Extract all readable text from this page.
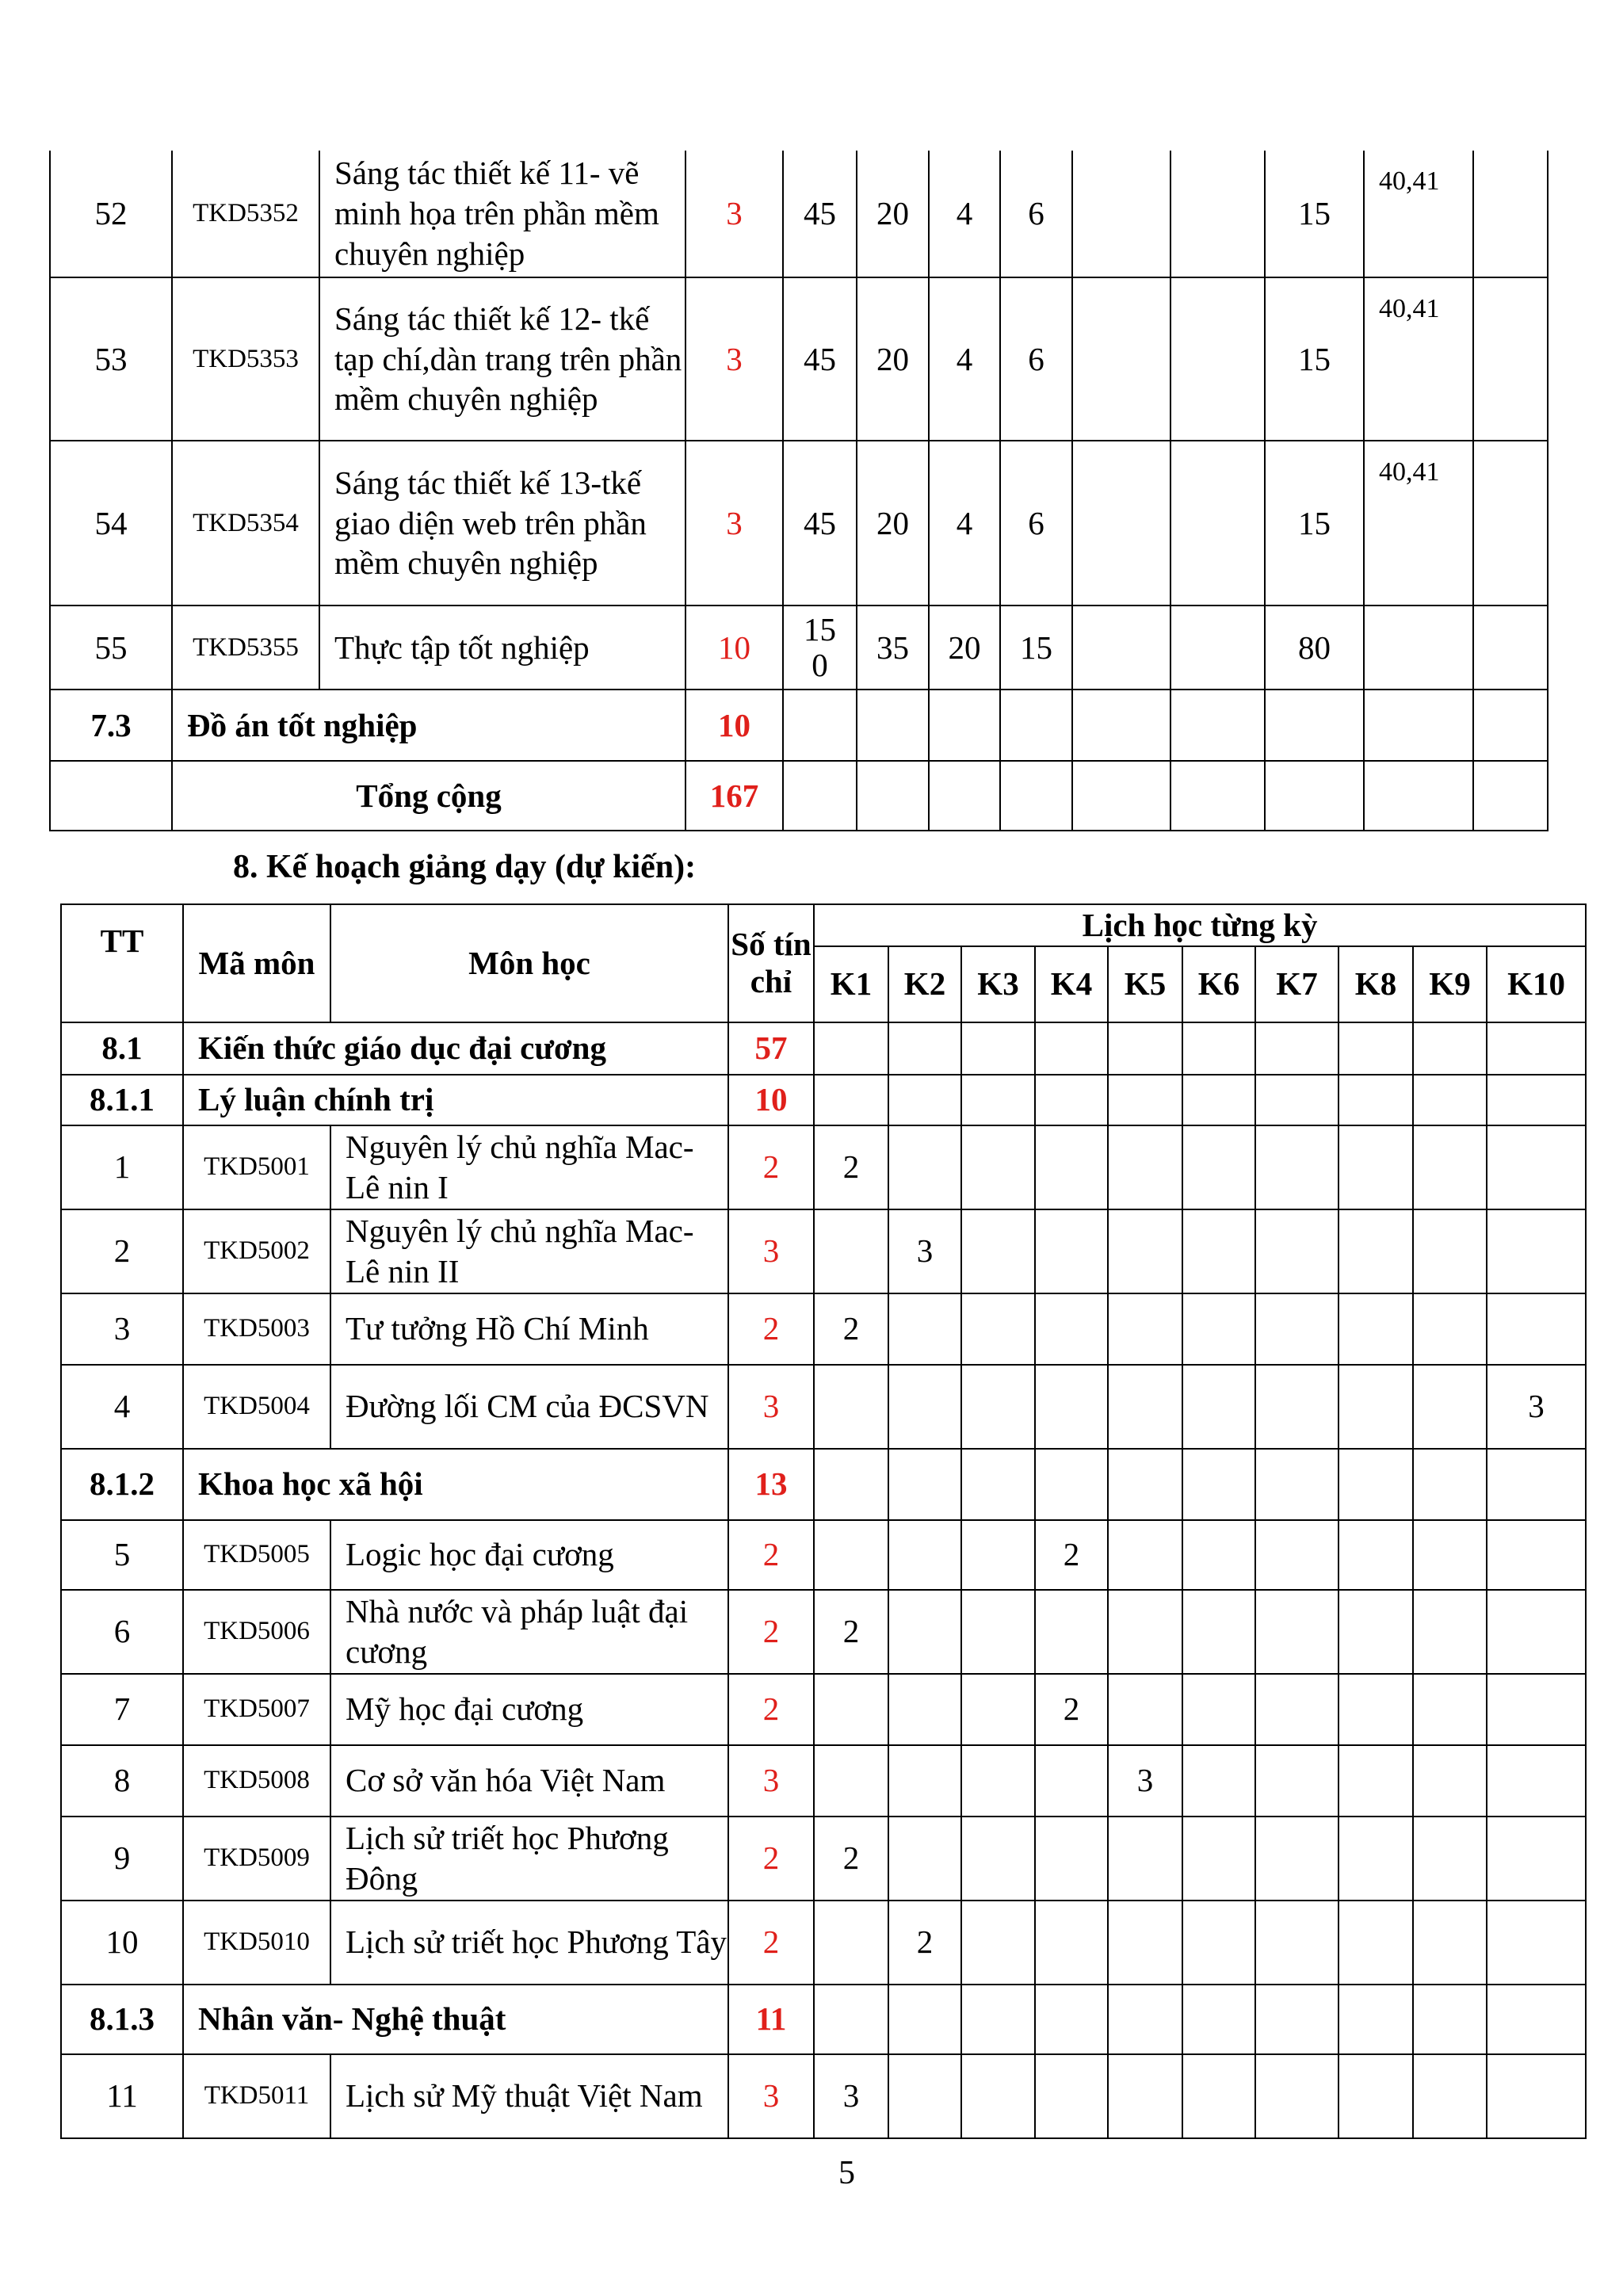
52	TKD5352	Sáng tác thiết kế 11- vẽ minh họa trên phần mềm chuyên nghiệp	3	45	20	4	6			15	40,41	
53	TKD5353	Sáng tác thiết kế 12- tkế tạp chí,dàn trang trên phần mềm chuyên nghiệp	3	45	20	4	6			15	40,41	
54	TKD5354	Sáng tác thiết kế 13-tkế giao diện web trên phần mềm chuyên nghiệp	3	45	20	4	6			15	40,41	
55	TKD5355	Thực tập tốt nghiệp	10	150	35	20	15			80		
7.3	Đồ án tốt nghiệp		10									
	Tổng cộng		167									
8. Kế hoạch giảng dạy (dự kiến):
TT	Mã môn	Môn học	Số tín chỉ	Lịch học từng kỳ									
				K1	K2	K3	K4	K5	K6	K7	K8	K9	K10
8.1	Kiến thức giáo dục đại cương		57										
8.1.1	Lý luận chính trị		10										
1	TKD5001	Nguyên lý chủ nghĩa Mac- Lê nin I	2	2									
2	TKD5002	Nguyên lý chủ nghĩa Mac- Lê nin II	3		3								
3	TKD5003	Tư tưởng Hồ Chí Minh	2	2									
4	TKD5004	Đường lối CM của ĐCSVN	3										3
8.1.2	Khoa học xã hội		13										
5	TKD5005	Logic học đại cương	2				2						
6	TKD5006	Nhà nước và pháp luật đại cương	2	2									
7	TKD5007	Mỹ học đại cương	2				2						
8	TKD5008	Cơ sở văn hóa Việt Nam	3					3					
9	TKD5009	Lịch sử triết học Phương Đông	2	2									
10	TKD5010	Lịch sử triết học Phương Tây	2		2								
8.1.3	Nhân văn- Nghệ thuật		11										
11	TKD5011	Lịch sử Mỹ thuật Việt Nam	3	3									
5
